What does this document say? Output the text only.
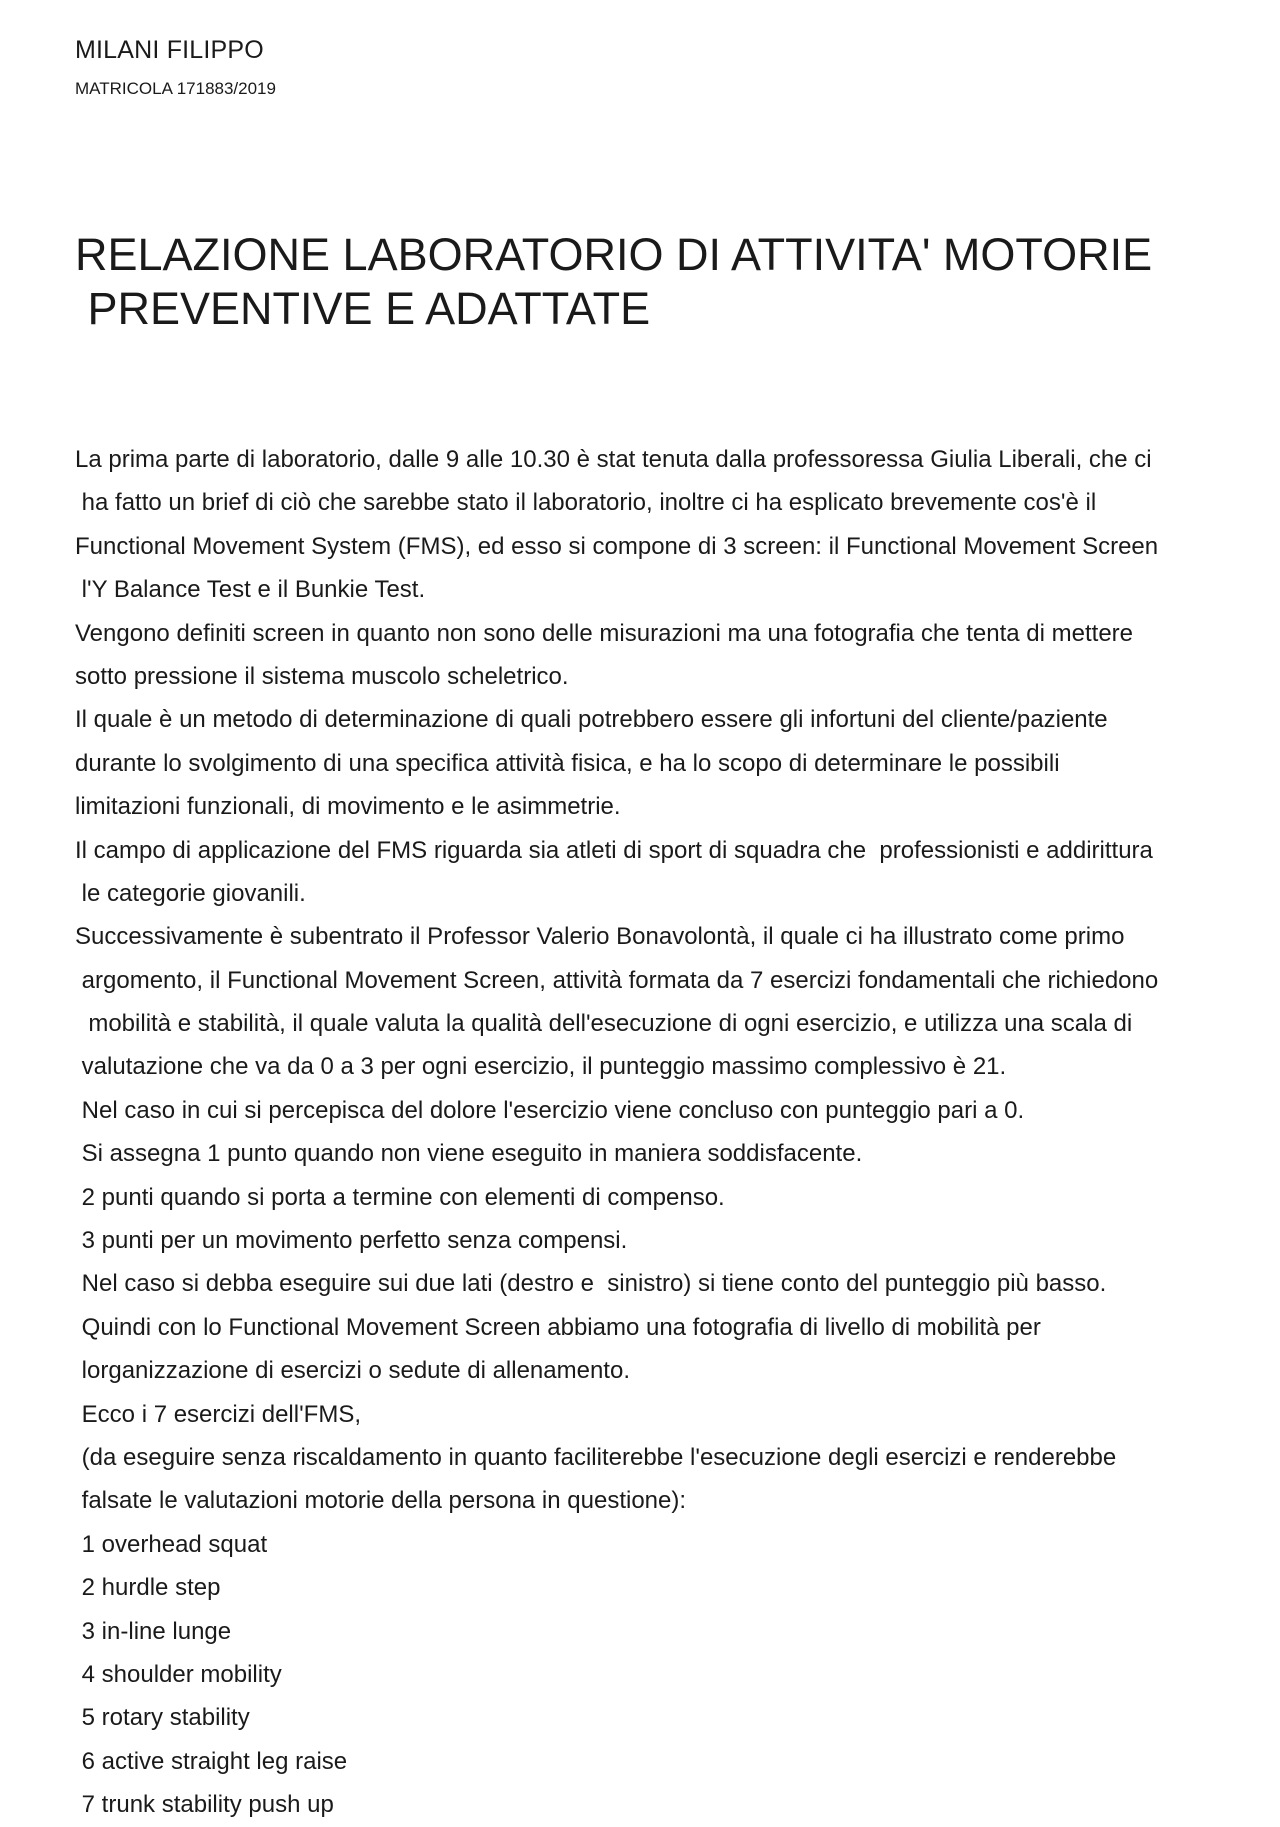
MILANI FILIPPO
MATRICOLA 171883/2019
RELAZIONE LABORATORIO DI ATTIVITA' MOTORIE
PREVENTIVE E ADATTATE
La prima parte di laboratorio, dalle 9 alle 10.30 è stat tenuta dalla professoressa Giulia Liberali, che ci
ha fatto un brief di ciò che sarebbe stato il laboratorio, inoltre ci ha esplicato brevemente cos'è il
Functional Movement System (FMS), ed esso si compone di 3 screen: il Functional Movement Screen
l'Y Balance Test e il Bunkie Test.
Vengono definiti screen in quanto non sono delle misurazioni ma una fotografia che tenta di mettere
sotto pressione il sistema muscolo scheletrico.
Il quale è un metodo di determinazione di quali potrebbero essere gli infortuni del cliente/paziente
durante lo svolgimento di una specifica attività fisica, e ha lo scopo di determinare le possibili
limitazioni funzionali, di movimento e le asimmetrie.
Il campo di applicazione del FMS riguarda sia atleti di sport di squadra che  professionisti e addirittura
le categorie giovanili.
Successivamente è subentrato il Professor Valerio Bonavolontà, il quale ci ha illustrato come primo
argomento, il Functional Movement Screen, attività formata da 7 esercizi fondamentali che richiedono
mobilità e stabilità, il quale valuta la qualità dell'esecuzione di ogni esercizio, e utilizza una scala di
valutazione che va da 0 a 3 per ogni esercizio, il punteggio massimo complessivo è 21.
Nel caso in cui si percepisca del dolore l'esercizio viene concluso con punteggio pari a 0.
Si assegna 1 punto quando non viene eseguito in maniera soddisfacente.
2 punti quando si porta a termine con elementi di compenso.
3 punti per un movimento perfetto senza compensi.
Nel caso si debba eseguire sui due lati (destro e  sinistro) si tiene conto del punteggio più basso.
Quindi con lo Functional Movement Screen abbiamo una fotografia di livello di mobilità per
lorganizzazione di esercizi o sedute di allenamento.
Ecco i 7 esercizi dell'FMS,
(da eseguire senza riscaldamento in quanto faciliterebbe l'esecuzione degli esercizi e renderebbe
falsate le valutazioni motorie della persona in questione):
1 overhead squat
2 hurdle step
3 in-line lunge
4 shoulder mobility
5 rotary stability
6 active straight leg raise
7 trunk stability push up
